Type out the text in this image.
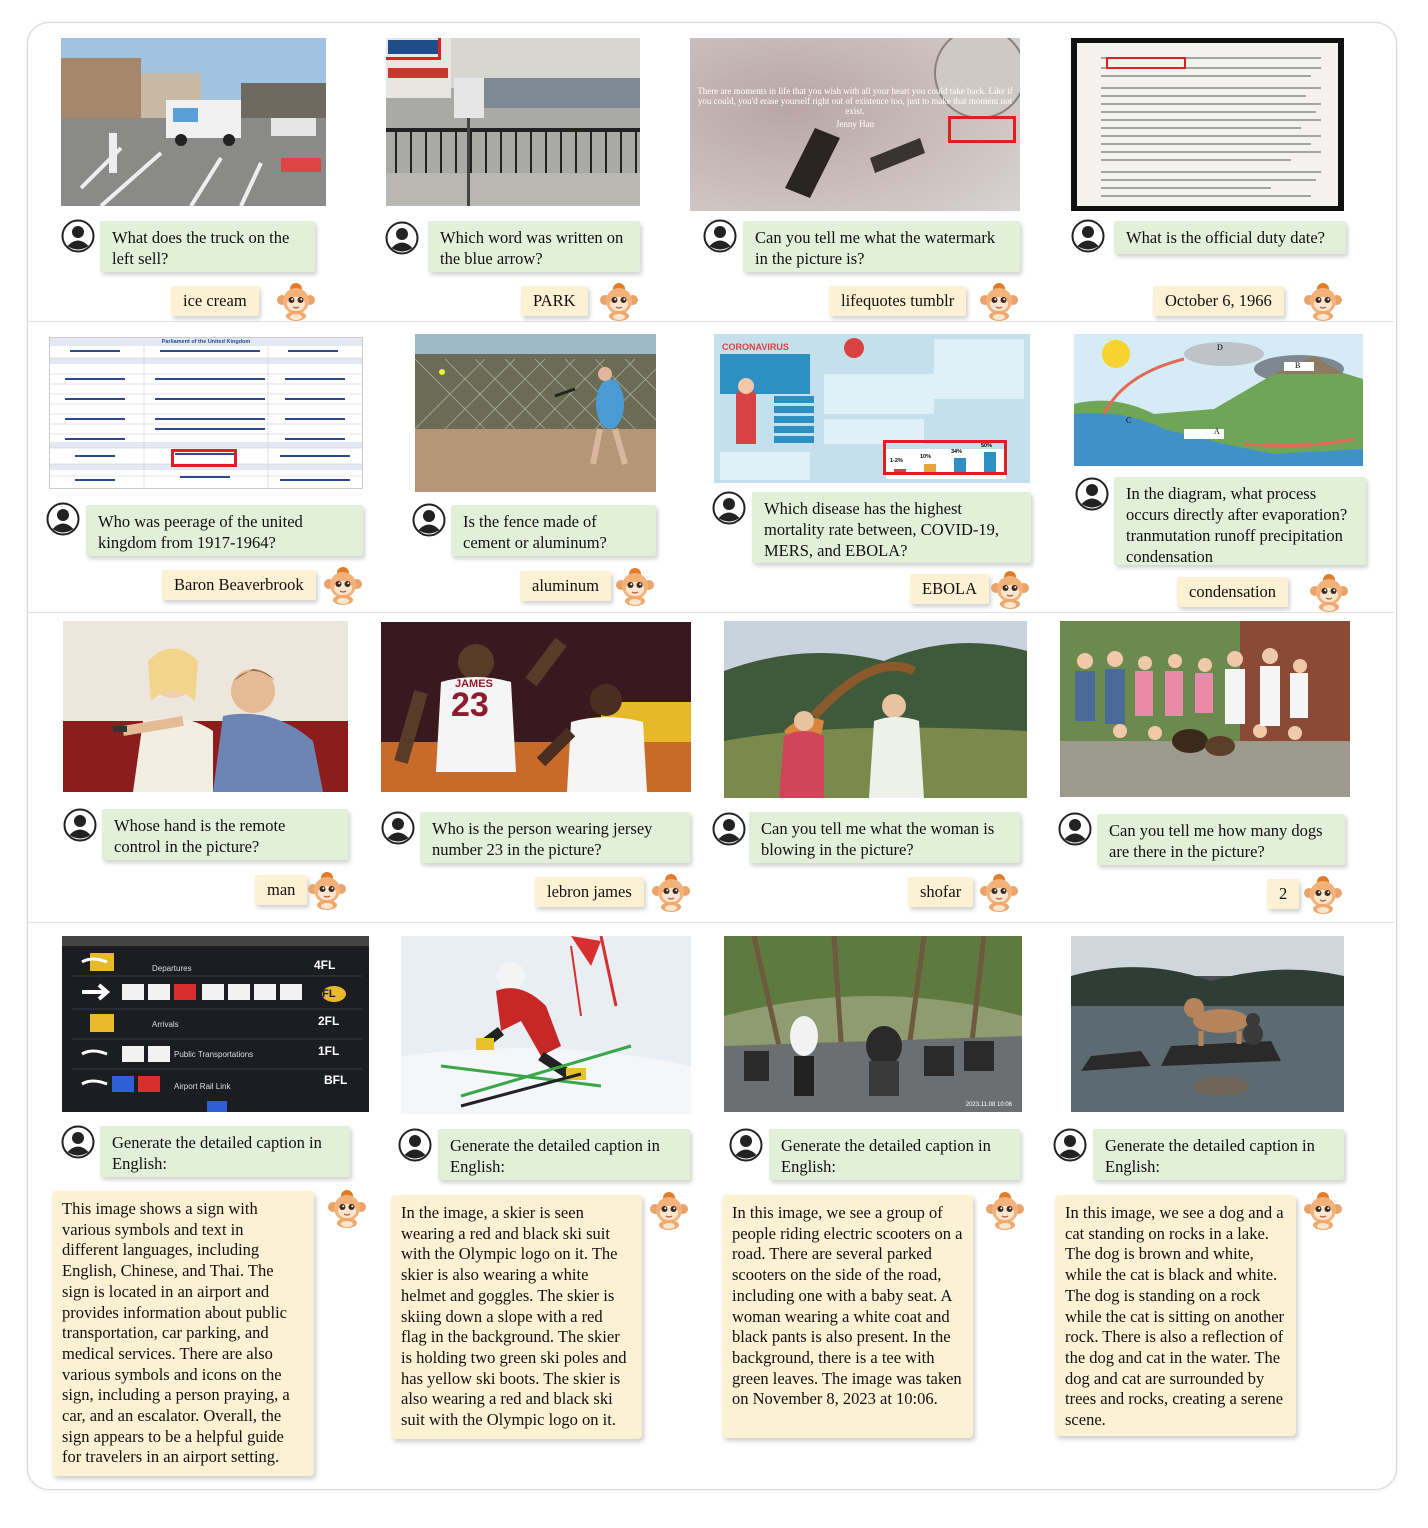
What does the truck on the left sell?
ice cream
Which word was written on the blue arrow?
PARK
There are moments in life that you wish with all your heart you could take back. Like if you could, you'd erase yourself right out of existence too, just to make that moment not exist.
Jenny Han
Can you tell me what the watermark in the picture is?
lifequotes tumblr
What is the official duty date?
October 6, 1966
Parliament of the United Kingdom
Who was peerage of the united kingdom from 1917-1964?
Baron Beaverbrook
Is the fence made of cement or aluminum?
aluminum
CORONAVIRUS
1-2%
10%
34%
50%
Which disease has the highest mortality rate between, COVID-19, MERS, and EBOLA?
EBOLA
A
B
C
D
In the diagram, what process occurs directly after evaporation? tranmutation runoff precipitation condensation
condensation
Whose hand is the remote control in the picture?
man
JAMES
23
Who is the person wearing jersey number 23 in the picture?
lebron james
Can you tell me what the woman is blowing in the picture?
shofar
Can you tell me how many dogs are there in the picture?
2
Departures
Arrivals
Public Transportations
Airport Rail Link
4FL
3FL
2FL
1FL
BFL
Generate the detailed caption in English:
This image shows a sign with various symbols and text in different languages, including English, Chinese, and Thai. The sign is located in an airport and provides information about public transportation, car parking, and medical services. There are also various symbols and icons on the sign, including a person praying, a car, and an escalator. Overall, the sign appears to be a helpful guide for travelers in an airport setting.
Generate the detailed caption in English:
In the image, a skier is seen wearing a red and black ski suit with the Olympic logo on it. The skier is also wearing a white helmet and goggles. The skier is skiing down a slope with a red flag in the background. The skier is holding two green ski poles and has yellow ski boots. The skier is also wearing a red and black ski suit with the Olympic logo on it.
2023.11.08 10:06
Generate the detailed caption in English:
In this image, we see a group of people riding electric scooters on a road. There are several parked scooters on the side of the road, including one with a baby seat. A woman wearing a white coat and black pants is also present. In the background, there is a tee with green leaves. The image was taken on November 8, 2023 at 10:06.
Generate the detailed caption in English:
In this image, we see a dog and a cat standing on rocks in a lake. The dog is brown and white, while the cat is black and white. The dog is standing on a rock while the cat is sitting on another rock. There is also a reflection of the dog and cat in the water. The dog and cat are surrounded by trees and rocks, creating a serene scene.
